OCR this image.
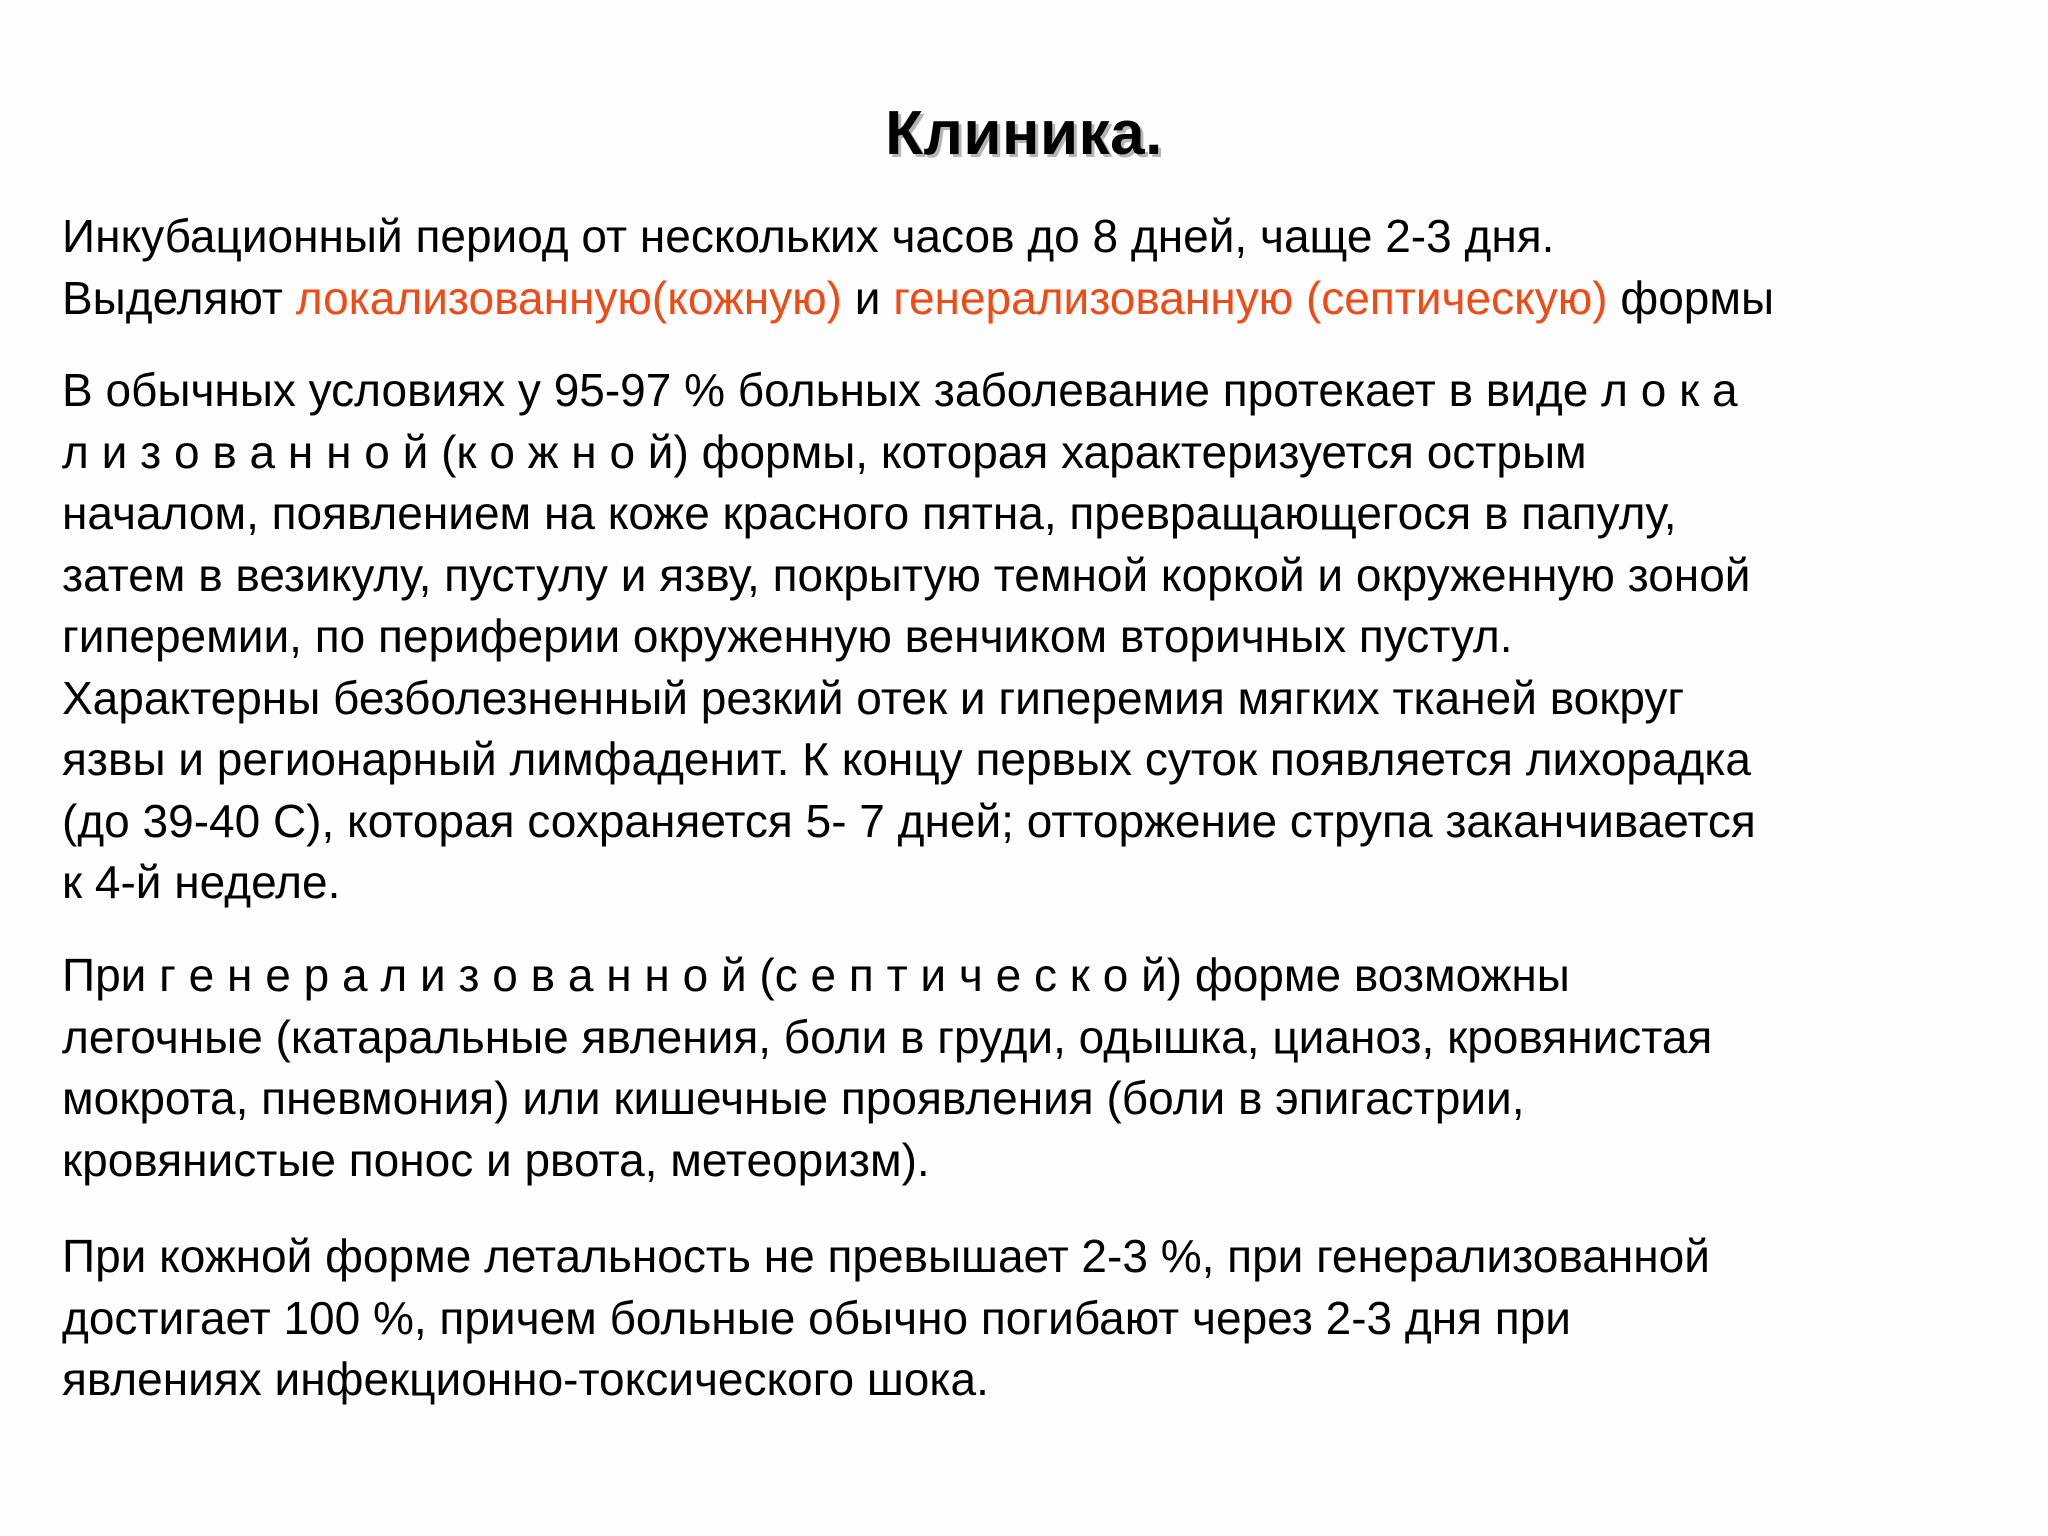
Клиника.
Инкубационный период от нескольких часов до 8 дней, чаще 2-3 дня.
Выделяют локализованную(кожную) и генерализованную (септическую) формы
В обычных условиях у 95-97 % больных заболевание протекает в виде л о к а
л и з о в а н н о й (к о ж н о й) формы, которая характеризуется острым
началом, появлением на коже красного пятна, превращающегося в папулу,
затем в везикулу, пустулу и язву, покрытую темной коркой и окруженную зоной
гиперемии, по периферии окруженную венчиком вторичных пустул.
Характерны безболезненный резкий отек и гиперемия мягких тканей вокруг
язвы и регионарный лимфаденит. К концу первых суток появляется лихорадка
(до 39-40 С), которая сохраняется 5- 7 дней; отторжение струпа заканчивается
к 4-й неделе.
При г е н е р а л и з о в а н н о й (с е п т и ч е с к о й) форме возможны
легочные (катаральные явления, боли в груди, одышка, цианоз, кровянистая
мокрота, пневмония) или кишечные проявления (боли в эпигастрии,
кровянистые понос и рвота, метеоризм).
При кожной форме летальность не превышает 2-3 %, при генерализованной
достигает 100 %, причем больные обычно погибают через 2-3 дня при
явлениях инфекционно-токсического шока.
